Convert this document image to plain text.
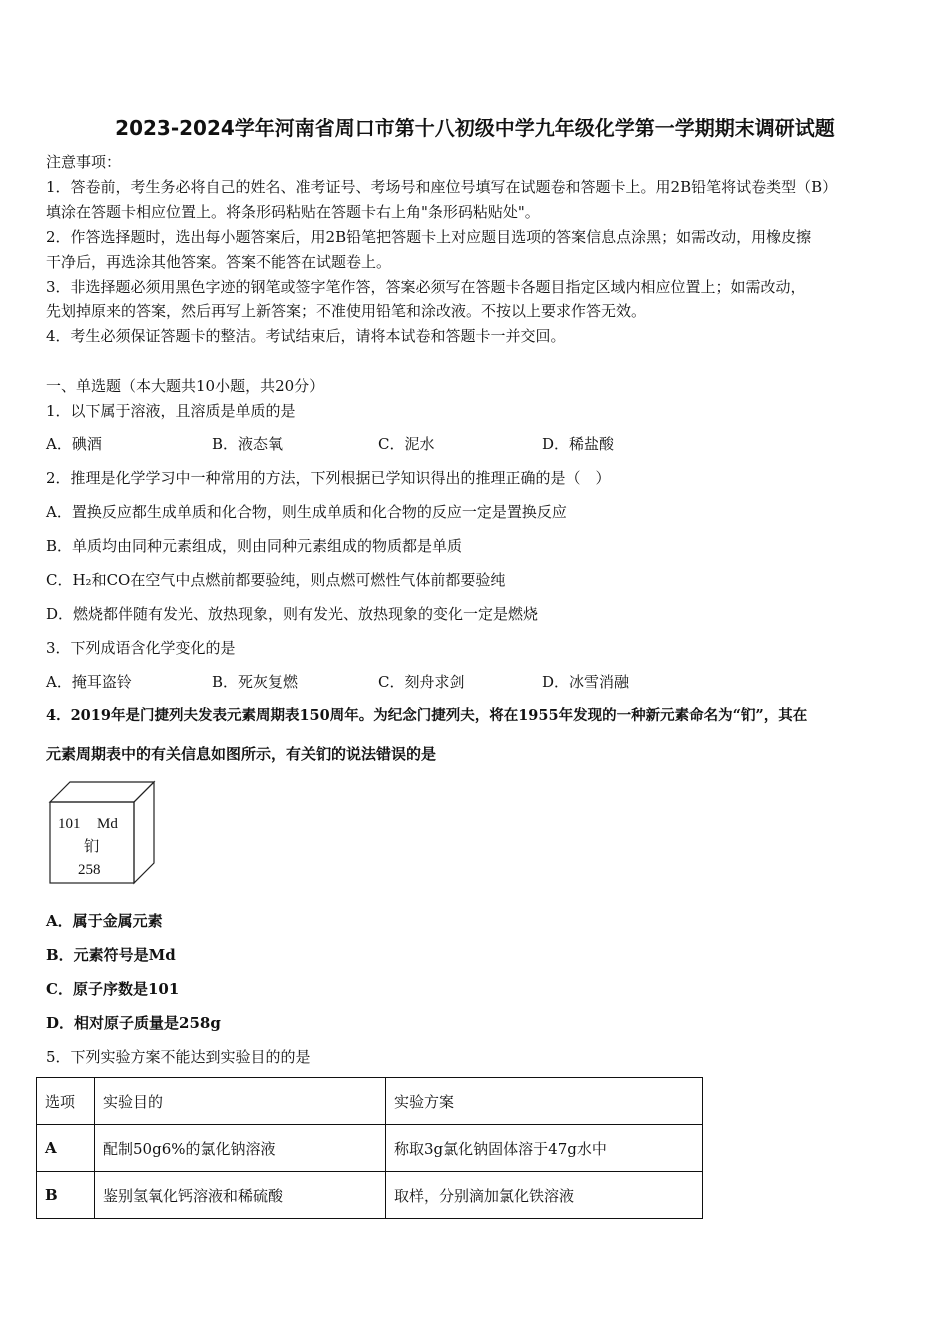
2023-2024学年河南省周口市第十八初级中学九年级化学第一学期期末调研试题
注意事项：
1．答卷前，考生务必将自己的姓名、准考证号、考场号和座位号填写在试题卷和答题卡上。用2B铅笔将试卷类型（B）
填涂在答题卡相应位置上。将条形码粘贴在答题卡右上角"条形码粘贴处"。
2．作答选择题时，选出每小题答案后，用2B铅笔把答题卡上对应题目选项的答案信息点涂黑；如需改动，用橡皮擦
干净后，再选涂其他答案。答案不能答在试题卷上。
3．非选择题必须用黑色字迹的钢笔或签字笔作答，答案必须写在答题卡各题目指定区域内相应位置上；如需改动，
先划掉原来的答案，然后再写上新答案；不准使用铅笔和涂改液。不按以上要求作答无效。
4．考生必须保证答题卡的整洁。考试结束后，请将本试卷和答题卡一并交回。
一、单选题（本大题共10小题，共20分）
1．以下属于溶液，且溶质是单质的是
A．碘酒	B．液态氧	C．泥水	D．稀盐酸
2．推理是化学学习中一种常用的方法，下列根据已学知识得出的推理正确的是（　）
A．置换反应都生成单质和化合物，则生成单质和化合物的反应一定是置换反应
B．单质均由同种元素组成，则由同种元素组成的物质都是单质
C．H₂和CO在空气中点燃前都要验纯，则点燃可燃性气体前都要验纯
D．燃烧都伴随有发光、放热现象，则有发光、放热现象的变化一定是燃烧
3．下列成语含化学变化的是
A．掩耳盗铃	B．死灰复燃	C．刻舟求剑	D．冰雪消融
4．2019年是门捷列夫发表元素周期表150周年。为纪念门捷列夫，将在1955年发现的一种新元素命名为“钔”，其在
元素周期表中的有关信息如图所示，有关钔的说法错误的是
101 Md
钔
258
A．属于金属元素
B．元素符号是Md
C．原子序数是101
D．相对原子质量是258g
5．下列实验方案不能达到实验目的的是
选项	实验目的	实验方案
A	配制50g6%的氯化钠溶液	称取3g氯化钠固体溶于47g水中
B	鉴别氢氧化钙溶液和稀硫酸	取样，分别滴加氯化铁溶液
